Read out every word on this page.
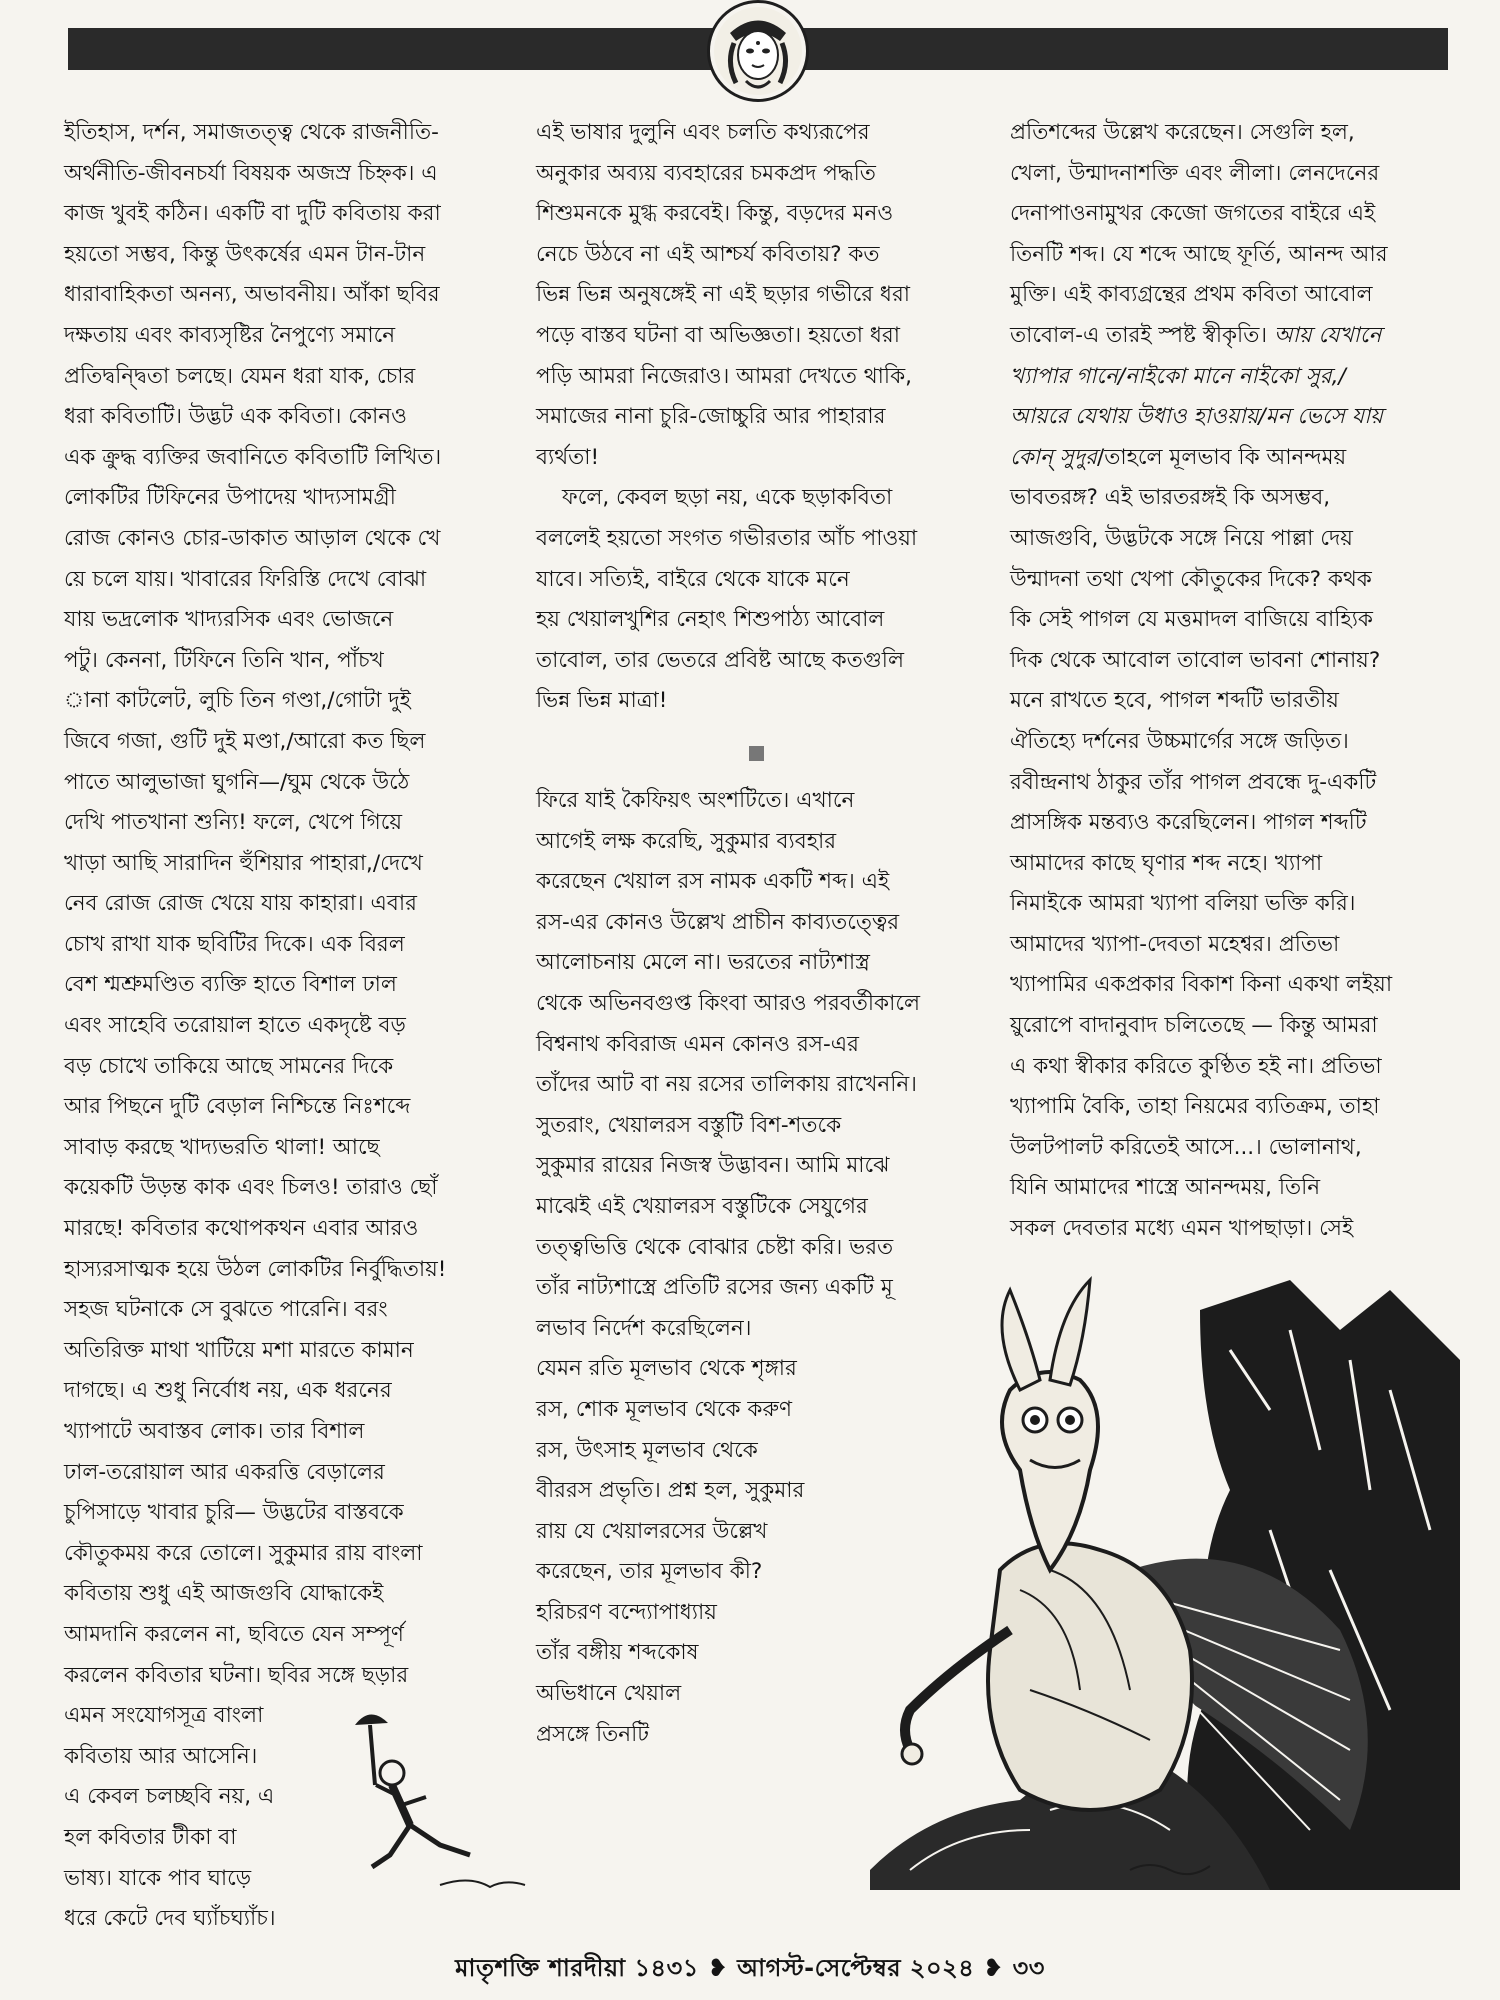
ইতিহাস, দর্শন, সমাজতত্ত্ব থেকে রাজনীতি-

অর্থনীতি-জীবনচর্যা বিষয়ক অজস্র চিহ্নক। এ

কাজ খুবই কঠিন। একটি বা দুটি কবিতায় করা

হয়তো সম্ভব, কিন্তু উৎকর্ষের এমন টান-টান

ধারাবাহিকতা অনন্য, অভাবনীয়। আঁকা ছবির

দক্ষতায় এবং কাব্যসৃষ্টির নৈপুণ্যে সমানে

প্রতিদ্বন্দ্বিতা চলছে। যেমন ধরা যাক, চোর

ধরা কবিতাটি। উদ্ভট এক কবিতা। কোনও

এক ক্রুদ্ধ ব্যক্তির জবানিতে কবিতাটি লিখিত।

লোকটির টিফিনের উপাদেয় খাদ্যসামগ্রী

রোজ কোনও চোর-ডাকাত আড়াল থেকে খে

য়ে চলে যায়। খাবারের ফিরিস্তি দেখে বোঝা

যায় ভদ্রলোক খাদ্যরসিক এবং ভোজনে

পটু। কেননা, টিফিনে তিনি খান, পাঁচখ

ানা কাটলেট, লুচি তিন গণ্ডা,/গোটা দুই

জিবে গজা, গুটি দুই মণ্ডা,/আরো কত ছিল

পাতে আলুভাজা ঘুগনি—/ঘুম থেকে উঠে

দেখি পাতখানা শুন্যি! ফলে, খেপে গিয়ে

খাড়া আছি সারাদিন হুঁশিয়ার পাহারা,/দেখে

নেব রোজ রোজ খেয়ে যায় কাহারা। এবার

চোখ রাখা যাক ছবিটির দিকে। এক বিরল

বেশ শ্মশ্রুমণ্ডিত ব্যক্তি হাতে বিশাল ঢাল

এবং সাহেবি তরোয়াল হাতে একদৃষ্টে বড়

বড় চোখে তাকিয়ে আছে সামনের দিকে

আর পিছনে দুটি বেড়াল নিশ্চিন্তে নিঃশব্দে

সাবাড় করছে খাদ্যভরতি থালা! আছে

কয়েকটি উড়ন্ত কাক এবং চিলও! তারাও ছোঁ

মারছে! কবিতার কথোপকথন এবার আরও

হাস্যরসাত্মক হয়ে উঠল লোকটির নির্বুদ্ধিতায়!

সহজ ঘটনাকে সে বুঝতে পারেনি। বরং

অতিরিক্ত মাথা খাটিয়ে মশা মারতে কামান

দাগছে। এ শুধু নির্বোধ নয়, এক ধরনের

খ্যাপাটে অবাস্তব লোক। তার বিশাল

ঢাল-তরোয়াল আর একরত্তি বেড়ালের

চুপিসাড়ে খাবার চুরি— উদ্ভটের বাস্তবকে

কৌতুকময় করে তোলে। সুকুমার রায় বাংলা

কবিতায় শুধু এই আজগুবি যোদ্ধাকেই

আমদানি করলেন না, ছবিতে যেন সম্পূর্ণ

করলেন কবিতার ঘটনা। ছবির সঙ্গে ছড়ার

এমন সংযোগসূত্র বাংলা

কবিতায় আর আসেনি।

এ কেবল চলচ্ছবি নয়, এ

হল কবিতার টীকা বা

ভাষ্য। যাকে পাব ঘাড়ে

ধরে কেটে দেব ঘ্যাঁচঘ্যাঁচ।

এই ভাষার দুলুনি এবং চলতি কথ্যরূপের

অনুকার অব্যয় ব্যবহারের চমকপ্রদ পদ্ধতি

শিশুমনকে মুগ্ধ করবেই। কিন্তু, বড়দের মনও

নেচে উঠবে না এই আশ্চর্য কবিতায়? কত

ভিন্ন ভিন্ন অনুষঙ্গেই না এই ছড়ার গভীরে ধরা

পড়ে বাস্তব ঘটনা বা অভিজ্ঞতা। হয়তো ধরা

পড়ি আমরা নিজেরাও। আমরা দেখতে থাকি,

সমাজের নানা চুরি-জোচ্চুরি আর পাহারার

ব্যর্থতা!

ফলে, কেবল ছড়া নয়, একে ছড়াকবিতা

বললেই হয়তো সংগত গভীরতার আঁচ পাওয়া

যাবে। সত্যিই, বাইরে থেকে যাকে মনে

হয় খেয়ালখুশির নেহাৎ শিশুপাঠ্য আবোল

তাবোল, তার ভেতরে প্রবিষ্ট আছে কতগুলি

ভিন্ন ভিন্ন মাত্রা!

ফিরে যাই কৈফিয়ৎ অংশটিতে। এখানে

আগেই লক্ষ করেছি, সুকুমার ব্যবহার

করেছেন খেয়াল রস নামক একটি শব্দ। এই

রস-এর কোনও উল্লেখ প্রাচীন কাব্যতত্ত্বের

আলোচনায় মেলে না। ভরতের নাট্যশাস্ত্র

থেকে অভিনবগুপ্ত কিংবা আরও পরবর্তীকালে

বিশ্বনাথ কবিরাজ এমন কোনও রস-এর

তাঁদের আট বা নয় রসের তালিকায় রাখেননি।

সুতরাং, খেয়ালরস বস্তুটি বিশ-শতকে

সুকুমার রায়ের নিজস্ব উদ্ভাবন। আমি মাঝে

মাঝেই এই খেয়ালরস বস্তুটিকে সেযুগের

তত্ত্বভিত্তি থেকে বোঝার চেষ্টা করি। ভরত

তাঁর নাট্যশাস্ত্রে প্রতিটি রসের জন্য একটি মূ

লভাব নির্দেশ করেছিলেন।

যেমন রতি মূলভাব থেকে শৃঙ্গার

রস, শোক মূলভাব থেকে করুণ

রস, উৎসাহ মূলভাব থেকে

বীররস প্রভৃতি। প্রশ্ন হল, সুকুমার

রায় যে খেয়ালরসের উল্লেখ

করেছেন, তার মূলভাব কী?

হরিচরণ বন্দ্যোপাধ্যায়

তাঁর বঙ্গীয় শব্দকোষ

অভিধানে খেয়াল

প্রসঙ্গে তিনটি

প্রতিশব্দের উল্লেখ করেছেন। সেগুলি হল,

খেলা, উন্মাদনাশক্তি এবং লীলা। লেনদেনের

দেনাপাওনামুখর কেজো জগতের বাইরে এই

তিনটি শব্দ। যে শব্দে আছে ফূর্তি, আনন্দ আর

মুক্তি। এই কাব্যগ্রন্থের প্রথম কবিতা আবোল

তাবোল-এ তারই স্পষ্ট স্বীকৃতি। আয় যেখানে

খ্যাপার গানে/নাইকো মানে নাইকো সুর,/

আয়রে যেথায় উধাও হাওয়ায়/মন ভেসে যায়

কোন্ সুদুর/তাহলে মূলভাব কি আনন্দময়

ভাবতরঙ্গ? এই ভারতরঙ্গই কি অসম্ভব,

আজগুবি, উদ্ভটকে সঙ্গে নিয়ে পাল্লা দেয়

উন্মাদনা তথা খেপা কৌতুকের দিকে? কথক

কি সেই পাগল যে মত্তমাদল বাজিয়ে বাহ্যিক

দিক থেকে আবোল তাবোল ভাবনা শোনায়?

মনে রাখতে হবে, পাগল শব্দটি ভারতীয়

ঐতিহ্যে দর্শনের উচ্চমার্গের সঙ্গে জড়িত।

রবীন্দ্রনাথ ঠাকুর তাঁর পাগল প্রবন্ধে দু-একটি

প্রাসঙ্গিক মন্তব্যও করেছিলেন। পাগল শব্দটি

আমাদের কাছে ঘৃণার শব্দ নহে। খ্যাপা

নিমাইকে আমরা খ্যাপা বলিয়া ভক্তি করি।

আমাদের খ্যাপা-দেবতা মহেশ্বর। প্রতিভা

খ্যাপামির একপ্রকার বিকাশ কিনা একথা লইয়া

য়ুরোপে বাদানুবাদ চলিতেছে — কিন্তু আমরা

এ কথা স্বীকার করিতে কুণ্ঠিত হই না। প্রতিভা

খ্যাপামি বৈকি, তাহা নিয়মের ব্যতিক্রম, তাহা

উলটপালট করিতেই আসে...। ভোলানাথ,

যিনি আমাদের শাস্ত্রে আনন্দময়, তিনি

সকল দেবতার মধ্যে এমন খাপছাড়া। সেই

মাতৃশক্তি শারদীয়া ১৪৩১ ❥ আগস্ট-সেপ্টেম্বর ২০২৪ ❥ ৩৩
